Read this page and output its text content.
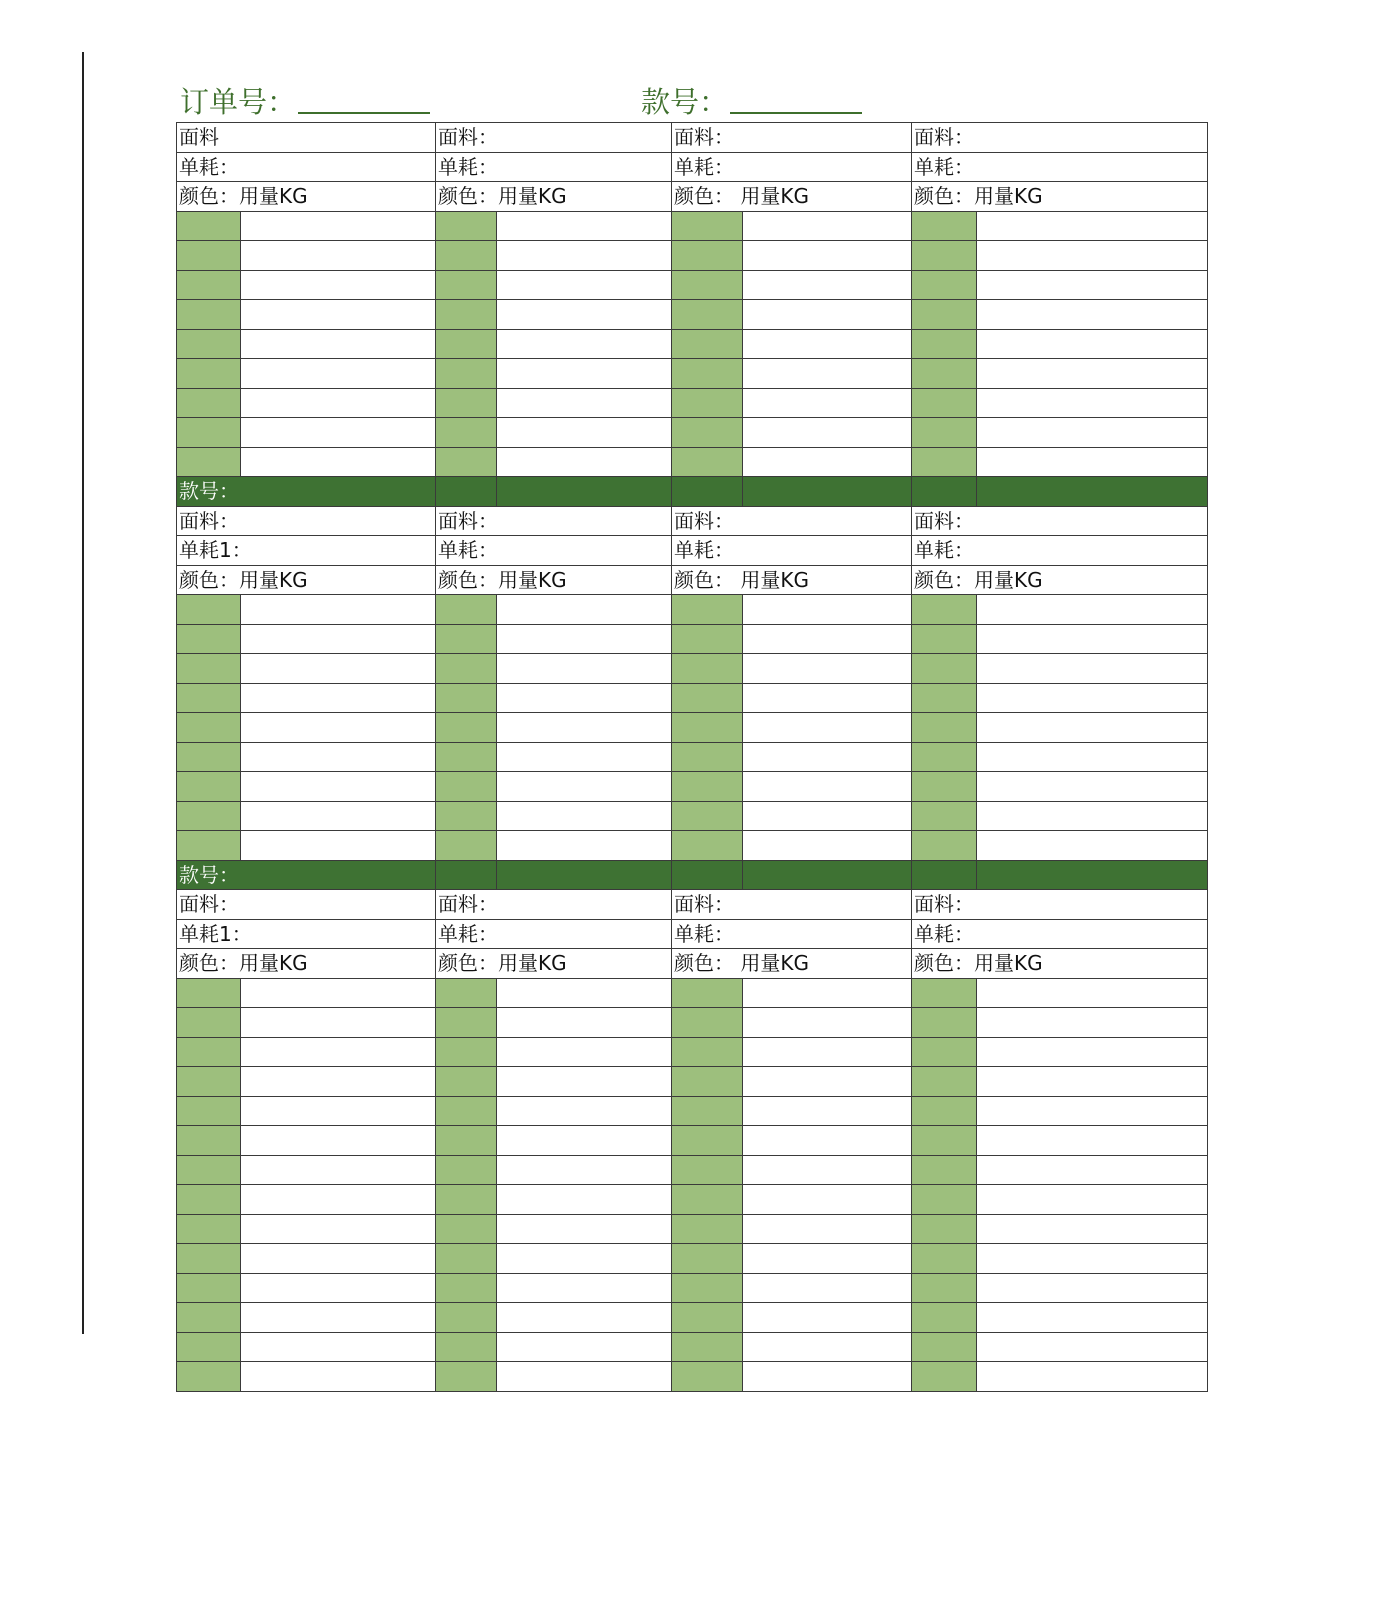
订单号：	款号：
面料		面料：		面料：		面料：	
单耗：		单耗：		单耗：		单耗：	
颜色：用量KG		颜色：用量KG		颜色： 用量KG		颜色：用量KG	

款号：							
面料：		面料：		面料：		面料：	
单耗1：		单耗：		单耗：		单耗：	
颜色：用量KG		颜色：用量KG		颜色： 用量KG		颜色：用量KG	

款号：							
面料：		面料：		面料：		面料：	
单耗1：		单耗：		单耗：		单耗：	
颜色：用量KG		颜色：用量KG		颜色： 用量KG		颜色：用量KG	
